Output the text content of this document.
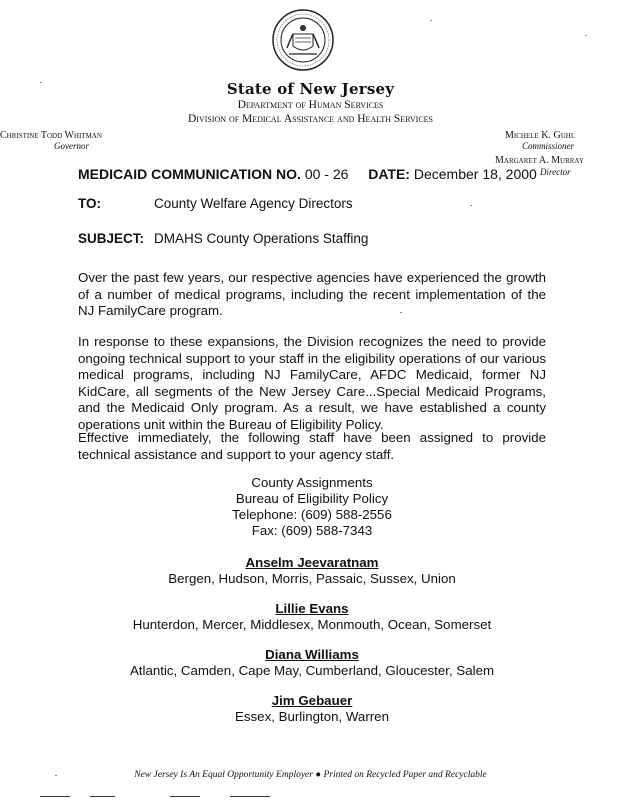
State of New Jersey
Department of Human Services
Division of Medical Assistance and Health Services
Christine Todd Whitman
Governor
Michele K. Guhl
Commissioner
Margaret A. Murray
Director
MEDICAID COMMUNICATION NO. 00 - 26 DATE: December 18, 2000
TO:	County Welfare Agency Directors
SUBJECT: DMAHS County Operations Staffing
Over the past few years, our respective agencies have experienced the growth of a number of medical programs, including the recent implementation of the NJ FamilyCare program.
In response to these expansions, the Division recognizes the need to provide ongoing technical support to your staff in the eligibility operations of our various medical programs, including NJ FamilyCare, AFDC Medicaid, former NJ KidCare, all segments of the New Jersey Care...Special Medicaid Programs, and the Medicaid Only program. As a result, we have established a county operations unit within the Bureau of Eligibility Policy.
Effective immediately, the following staff have been assigned to provide technical assistance and support to your agency staff.
County Assignments
Bureau of Eligibility Policy
Telephone: (609) 588-2556
Fax: (609) 588-7343
Anselm Jeevaratnam
Bergen, Hudson, Morris, Passaic, Sussex, Union
Lillie Evans
Hunterdon, Mercer, Middlesex, Monmouth, Ocean, Somerset
Diana Williams
Atlantic, Camden, Cape May, Cumberland, Gloucester, Salem
Jim Gebauer
Essex, Burlington, Warren
New Jersey Is An Equal Opportunity Employer ● Printed on Recycled Paper and Recyclable
